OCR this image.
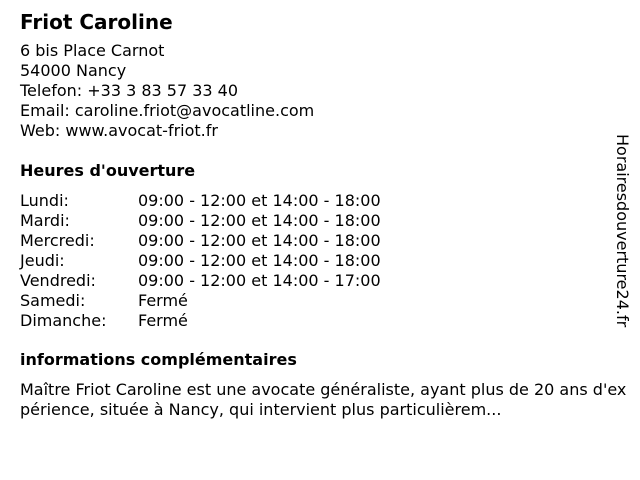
Friot Caroline
6 bis Place Carnot
54000 Nancy
Telefon: +33 3 83 57 33 40
Email: caroline.friot@avocatline.com
Web: www.avocat-friot.fr
Heures d'ouverture
Lundi:	09:00 - 12:00 et 14:00 - 18:00
Mardi:	09:00 - 12:00 et 14:00 - 18:00
Mercredi:	09:00 - 12:00 et 14:00 - 18:00
Jeudi:	09:00 - 12:00 et 14:00 - 18:00
Vendredi:	09:00 - 12:00 et 14:00 - 17:00
Samedi:	Fermé
Dimanche:	Fermé
informations complémentaires
Maître Friot Caroline est une avocate généraliste, ayant plus de 20 ans d'expérience, située à Nancy, qui intervient plus particulièrem...
Horairesdouverture24.fr
